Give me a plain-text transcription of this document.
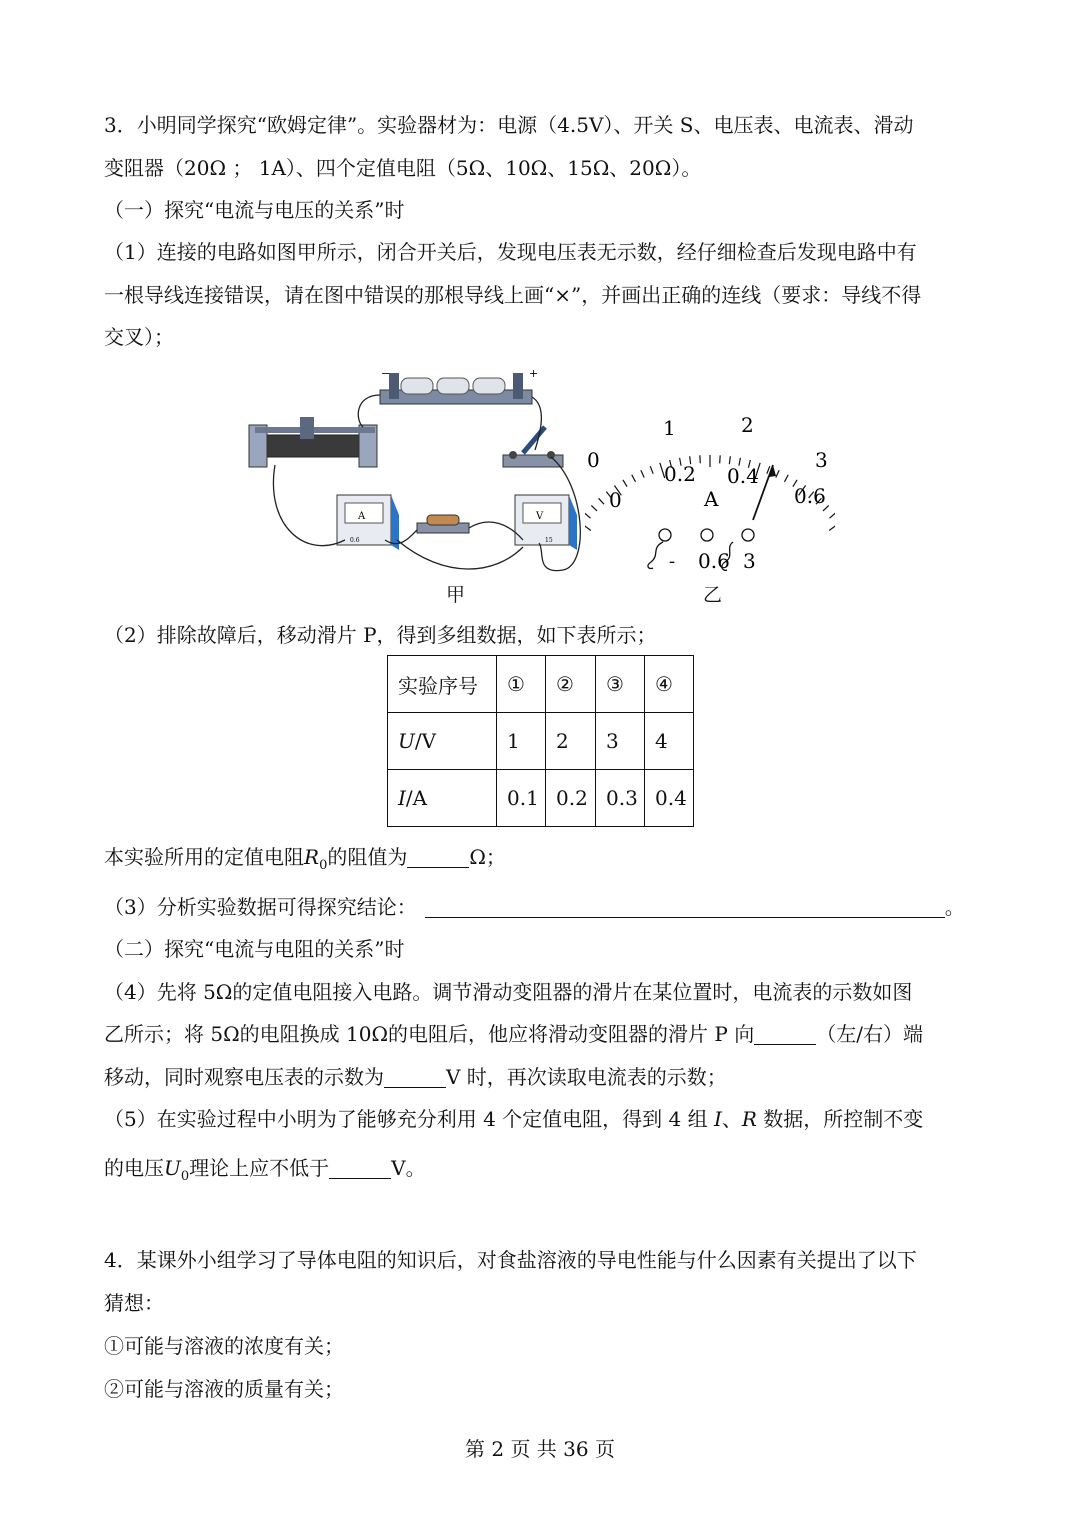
3．小明同学探究“欧姆定律”。实验器材为：电源（4.5V）、开关 S、电压表、电流表、滑动
变阻器（20Ω ； 1A）、四个定值电阻（5Ω、10Ω、15Ω、20Ω）。
（一）探究“电流与电压的关系”时
（1）连接的电路如图甲所示，闭合开关后，发现电压表无示数，经仔细检查后发现电路中有
一根导线连接错误，请在图中错误的那根导线上画“×”，并画出正确的连线（要求：导线不得
交叉）；
−	+
A
0.6
V
15
甲
0
1	2
3
0
0.2 0.4
0.6
A
- 0.6 3
乙
（2）排除故障后，移动滑片 P，得到多组数据，如下表所示；
实验序号	①	②	③	④
U/V	1	2	3	4
I/A	0.1	0.2	0.3	0.4
本实验所用的定值电阻$R_0$的阻值为	Ω；
（3）分析实验数据可得探究结论：	。
（二）探究“电流与电阻的关系”时
（4）先将 5Ω的定值电阻接入电路。调节滑动变阻器的滑片在某位置时，电流表的示数如图
乙所示；将 5Ω的电阻换成 10Ω的电阻后，他应将滑动变阻器的滑片 P 向	（左/右）端
移动，同时观察电压表的示数为	V 时，再次读取电流表的示数；
（5）在实验过程中小明为了能够充分利用 4 个定值电阻，得到 4 组 I、R 数据，所控制不变
的电压$U_0$理论上应不低于	V。
4．某课外小组学习了导体电阻的知识后，对食盐溶液的导电性能与什么因素有关提出了以下
猜想：
①可能与溶液的浓度有关；
②可能与溶液的质量有关；
第 2 页 共 36 页
